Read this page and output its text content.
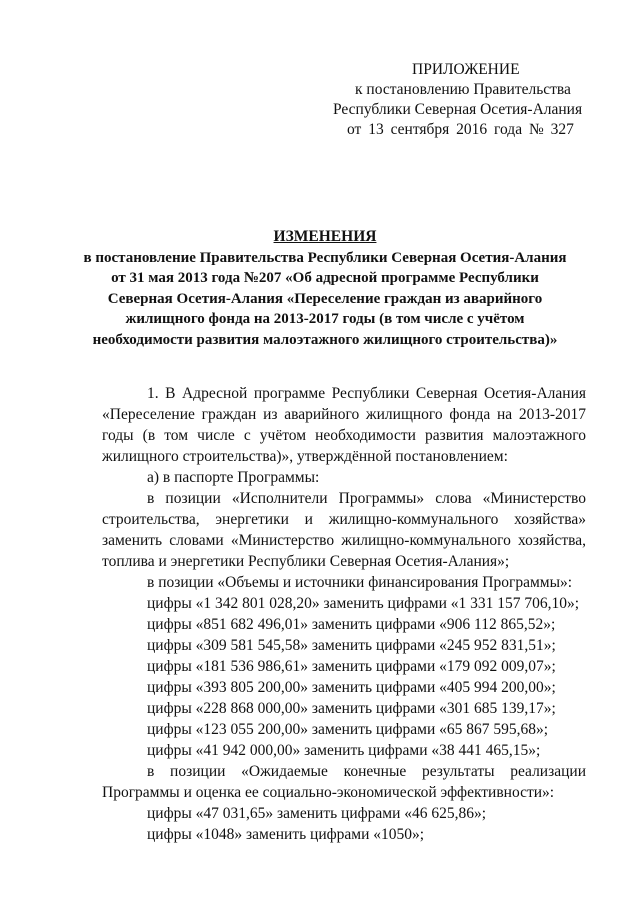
ПРИЛОЖЕНИЕ
к постановлению Правительства
Республики Северная Осетия-Алания
от 13 сентября 2016 года № 327
ИЗМЕНЕНИЯ
в постановление Правительства Республики Северная Осетия-Алания
от 31 мая 2013 года №207 «Об адресной программе Республики
Северная Осетия-Алания «Переселение граждан из аварийного
жилищного фонда на 2013-2017 годы (в том числе с учётом
необходимости развития малоэтажного жилищного строительства)»

1. В Адресной программе Республики Северная Осетия-Алания «Переселение граждан из аварийного жилищного фонда на 2013-2017 годы (в том числе с учётом необходимости развития малоэтажного жилищного строительства)», утверждённой постановлением:

а) в паспорте Программы:

в позиции «Исполнители Программы» слова «Министерство строительства, энергетики и жилищно-коммунального хозяйства» заменить словами «Министерство жилищно-коммунального хозяйства, топлива и энергетики Республики Северная Осетия-Алания»;

в позиции «Объемы и источники финансирования Программы»:

цифры «1 342 801 028,20» заменить цифрами «1 331 157 706,10»;

цифры «851 682 496,01» заменить цифрами «906 112 865,52»;

цифры «309 581 545,58» заменить цифрами «245 952 831,51»;

цифры «181 536 986,61» заменить цифрами «179 092 009,07»;

цифры «393 805 200,00» заменить цифрами «405 994 200,00»;

цифры «228 868 000,00» заменить цифрами «301 685 139,17»;

цифры «123 055 200,00» заменить цифрами «65 867 595,68»;

цифры «41 942 000,00» заменить цифрами «38 441 465,15»;

в позиции «Ожидаемые конечные результаты реализации Программы и оценка ее социально-экономической эффективности»:

цифры «47 031,65» заменить цифрами «46 625,86»;

цифры «1048» заменить цифрами «1050»;
